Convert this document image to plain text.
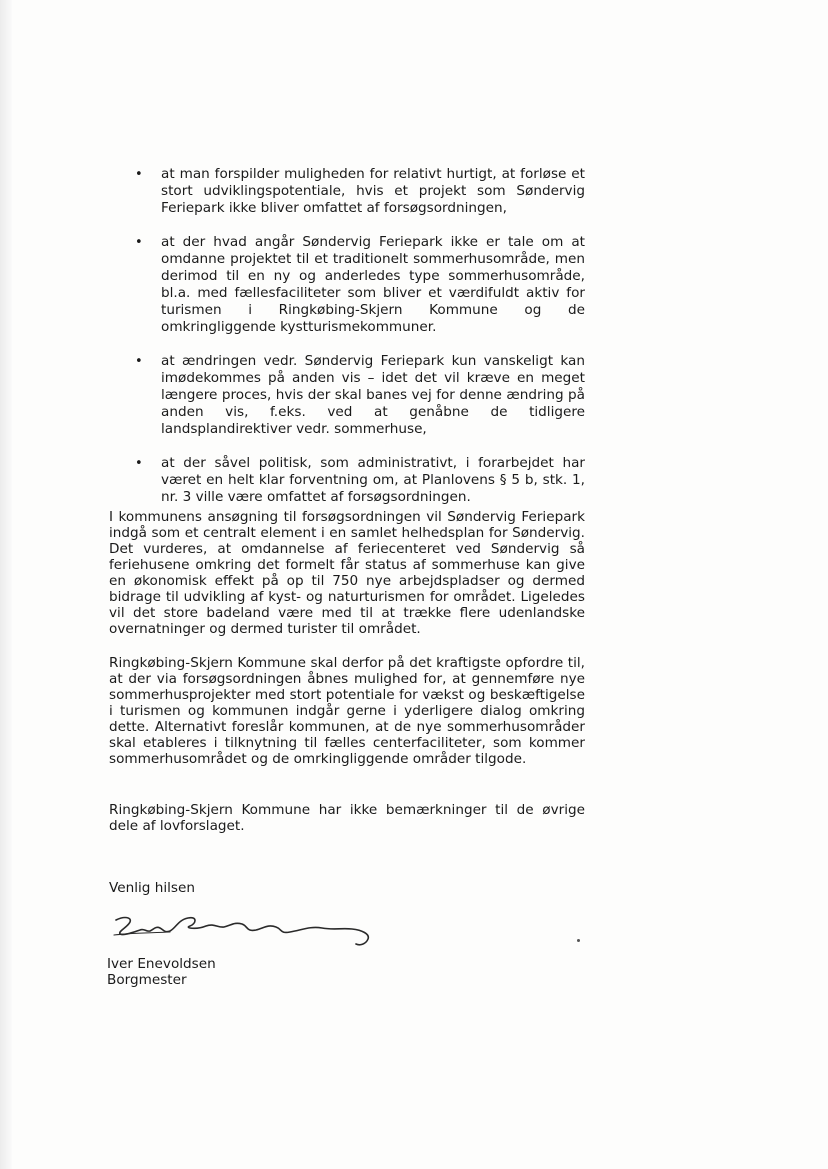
• at man forspilder muligheden for relativt hurtigt, at forløse et stort udviklingspotentiale, hvis et projekt som Søndervig Feriepark ikke bliver omfattet af forsøgsordningen,
• at der hvad angår Søndervig Feriepark ikke er tale om at omdanne projektet til et traditionelt sommerhusområde, men derimod til en ny og anderledes type sommerhusområde, bl.a. med fællesfaciliteter som bliver et værdifuldt aktiv for turismen i Ringkøbing-Skjern Kommune og de omkringliggende kystturismekommuner.
• at ændringen vedr. Søndervig Feriepark kun vanskeligt kan imødekommes på anden vis – idet det vil kræve en meget længere proces, hvis der skal banes vej for denne ændring på anden vis, f.eks. ved at genåbne de tidligere landsplandirektiver vedr. sommerhuse,
• at der såvel politisk, som administrativt, i forarbejdet har været en helt klar forventning om, at Planlovens § 5 b, stk. 1, nr. 3 ville være omfattet af forsøgsordningen.

I kommunens ansøgning til forsøgsordningen vil Søndervig Feriepark indgå som et centralt element i en samlet helhedsplan for Søndervig. Det vurderes, at omdannelse af feriecenteret ved Søndervig så feriehusene omkring det formelt får status af sommerhuse kan give en økonomisk effekt på op til 750 nye arbejdspladser og dermed bidrage til udvikling af kyst- og naturturismen for området. Ligeledes vil det store badeland være med til at trække flere udenlandske overnatninger og dermed turister til området.

Ringkøbing-Skjern Kommune skal derfor på det kraftigste opfordre til, at der via forsøgsordningen åbnes mulighed for, at gennemføre nye sommerhusprojekter med stort potentiale for vækst og beskæftigelse i turismen og kommunen indgår gerne i yderligere dialog omkring dette. Alternativt foreslår kommunen, at de nye sommerhusområder skal etableres i tilknytning til fælles centerfaciliteter, som kommer sommerhusområdet og de omrkingliggende områder tilgode.

Ringkøbing-Skjern Kommune har ikke bemærkninger til de øvrige dele af lovforslaget.

Venlig hilsen
Iver Enevoldsen
Borgmester
